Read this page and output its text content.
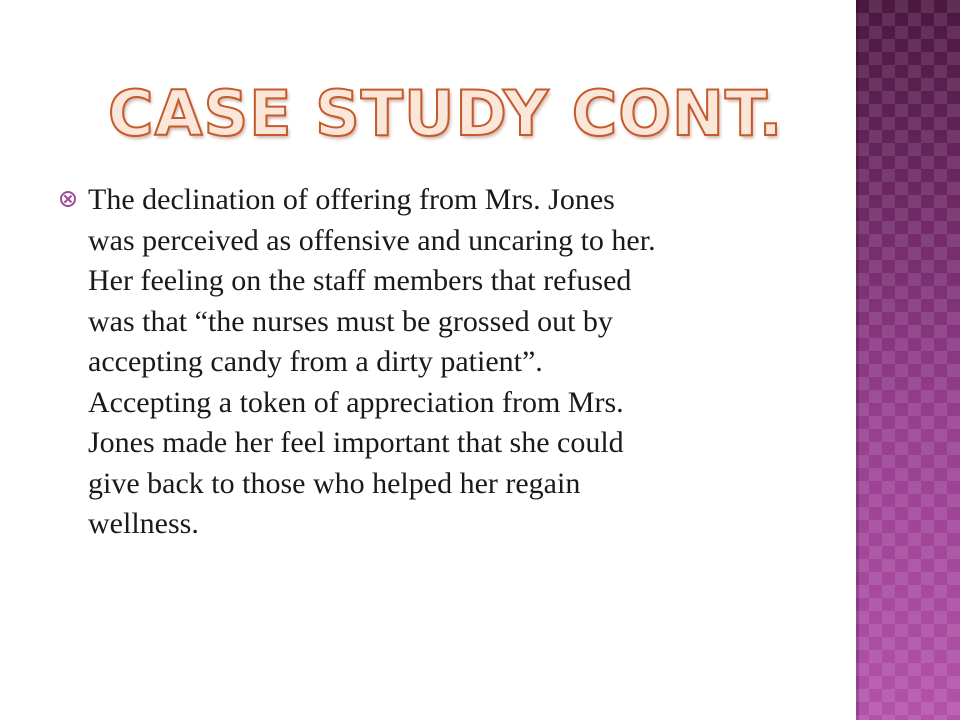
CASE STUDY CONT.
The declination of offering from Mrs. Jones
was perceived as offensive and uncaring to her.
Her feeling on the staff members that refused
was that “the nurses must be grossed out by
accepting candy from a dirty patient”.
Accepting a token of appreciation from Mrs.
Jones made her feel important that she could
give back to those who helped her regain
wellness.
